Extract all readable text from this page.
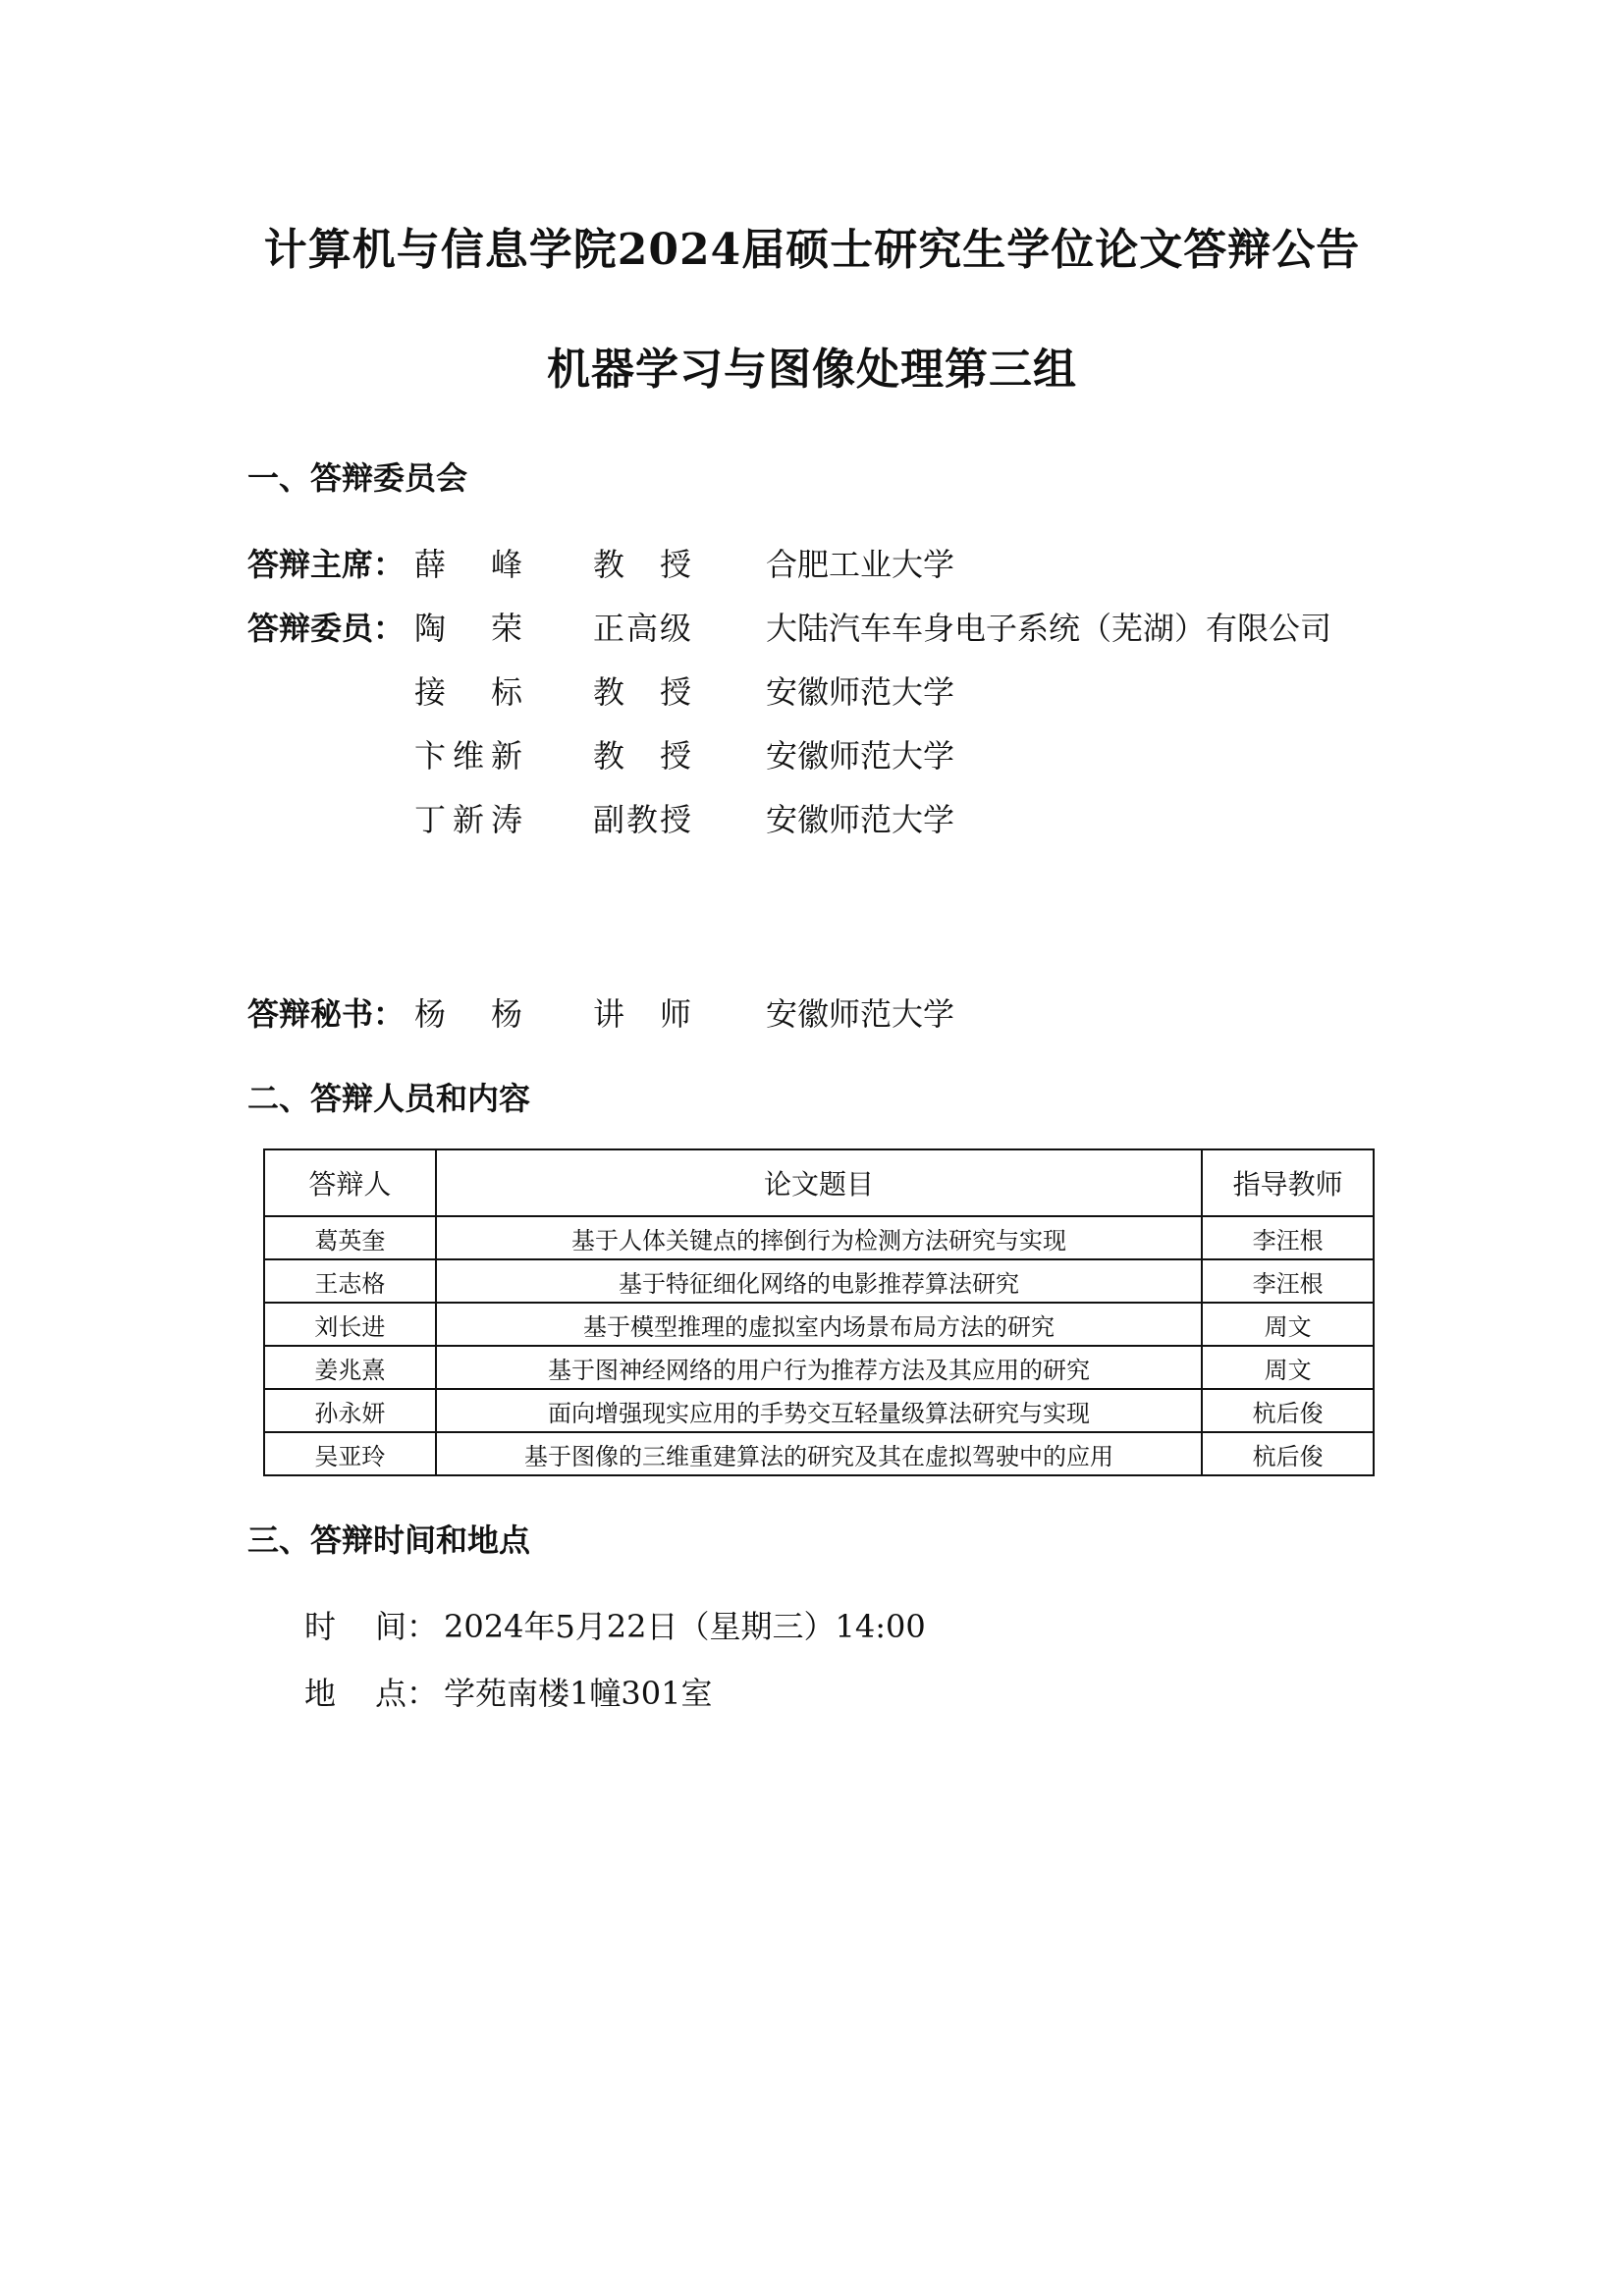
计算机与信息学院2024届硕士研究生学位论文答辩公告
机器学习与图像处理第三组
一、答辩委员会
答辩主席： 薛峰 教授 合肥工业大学
答辩委员： 陶荣 正高级 大陆汽车车身电子系统（芜湖）有限公司
接标 教授 安徽师范大学
卞维新 教授 安徽师范大学
丁新涛 副教授 安徽师范大学
答辩秘书： 杨杨 讲师 安徽师范大学
二、答辩人员和内容
答辩人	论文题目	指导教师
葛英奎	基于人体关键点的摔倒行为检测方法研究与实现	李汪根
王志格	基于特征细化网络的电影推荐算法研究	李汪根
刘长进	基于模型推理的虚拟室内场景布局方法的研究	周文
姜兆熹	基于图神经网络的用户行为推荐方法及其应用的研究	周文
孙永妍	面向增强现实应用的手势交互轻量级算法研究与实现	杭后俊
吴亚玲	基于图像的三维重建算法的研究及其在虚拟驾驶中的应用	杭后俊
三、答辩时间和地点
时间： 2024年5月22日（星期三）14:00
地点： 学苑南楼1幢301室
